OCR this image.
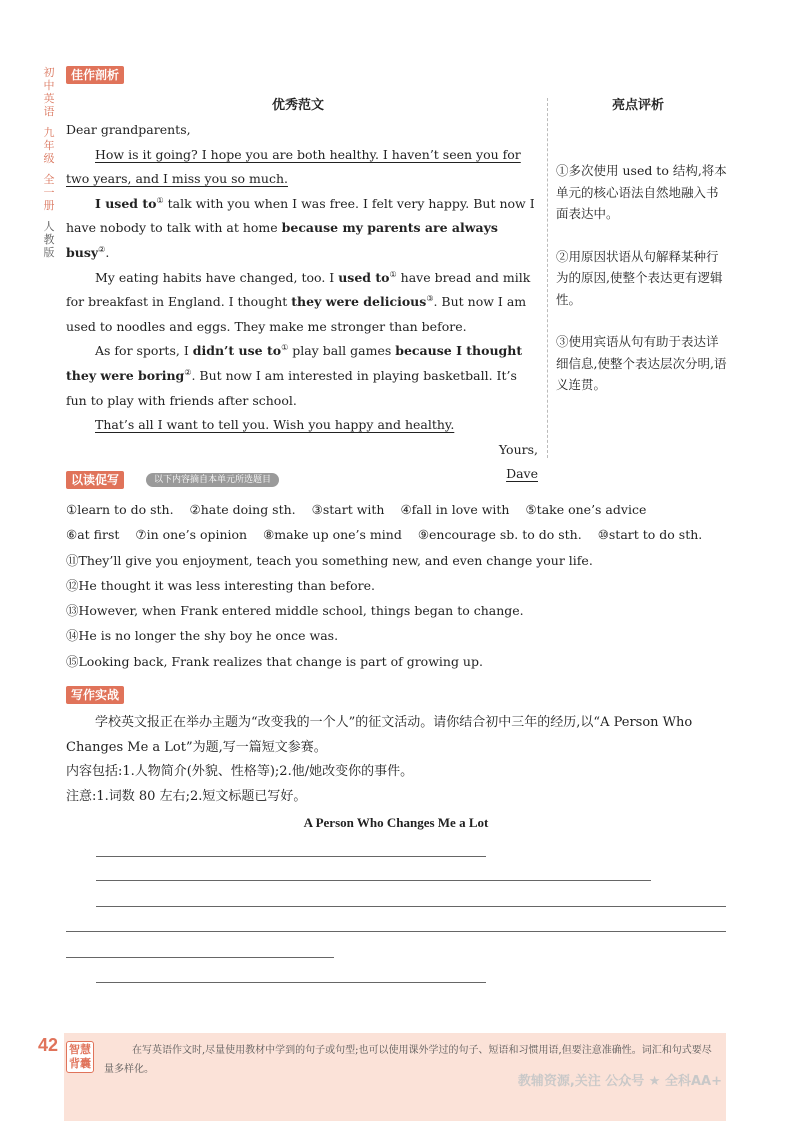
初中英语
九年级
全一册
人教版
佳作剖析
优秀范文	亮点评析

Dear grandparents,

How is it going? I hope you are both healthy. I haven’t seen you for two years, and I miss you so much.

I used to① talk with you when I was free. I felt very happy. But now I have nobody to talk with at home because my parents are always busy②.

My eating habits have changed, too. I used to① have bread and milk for breakfast in England. I thought they were delicious③. But now I am used to noodles and eggs. They make me stronger than before.

As for sports, I didn’t use to① play ball games because I thought they were boring②. But now I am interested in playing basketball. It’s fun to play with friends after school.

That’s all I want to tell you. Wish you happy and healthy.

Yours,

Dave

①多次使用 used to 结构,将本单元的核心语法自然地融入书面表达中。

②用原因状语从句解释某种行为的原因,使整个表达更有逻辑性。

③使用宾语从句有助于表达详细信息,使整个表达层次分明,语义连贯。

以读促写	以下内容摘自本单元所选题目
①learn to do sth. ②hate doing sth. ③start with ④fall in love with ⑤take one’s advice
⑥at first ⑦in one’s opinion ⑧make up one’s mind ⑨encourage sb. to do sth. ⑩start to do sth.
⑪They’ll give you enjoyment, teach you something new, and even change your life.
⑫He thought it was less interesting than before.
⑬However, when Frank entered middle school, things began to change.
⑭He is no longer the shy boy he once was.
⑮Looking back, Frank realizes that change is part of growing up.
写作实战

学校英文报正在举办主题为“改变我的一个人”的征文活动。请你结合初中三年的经历,以“A Person Who Changes Me a Lot”为题,写一篇短文参赛。

内容包括:1.人物简介(外貌、性格等);2.他/她改变你的事件。

注意:1.词数 80 左右;2.短文标题已写好。

A Person Who Changes Me a Lot
42 智慧背囊
在写英语作文时,尽量使用教材中学到的句子或句型;也可以使用课外学过的句子、短语和习惯用语,但要注意准确性。词汇和句式要尽量多样化。
教辅资源,关注 公众号 ★ 全科AA+
